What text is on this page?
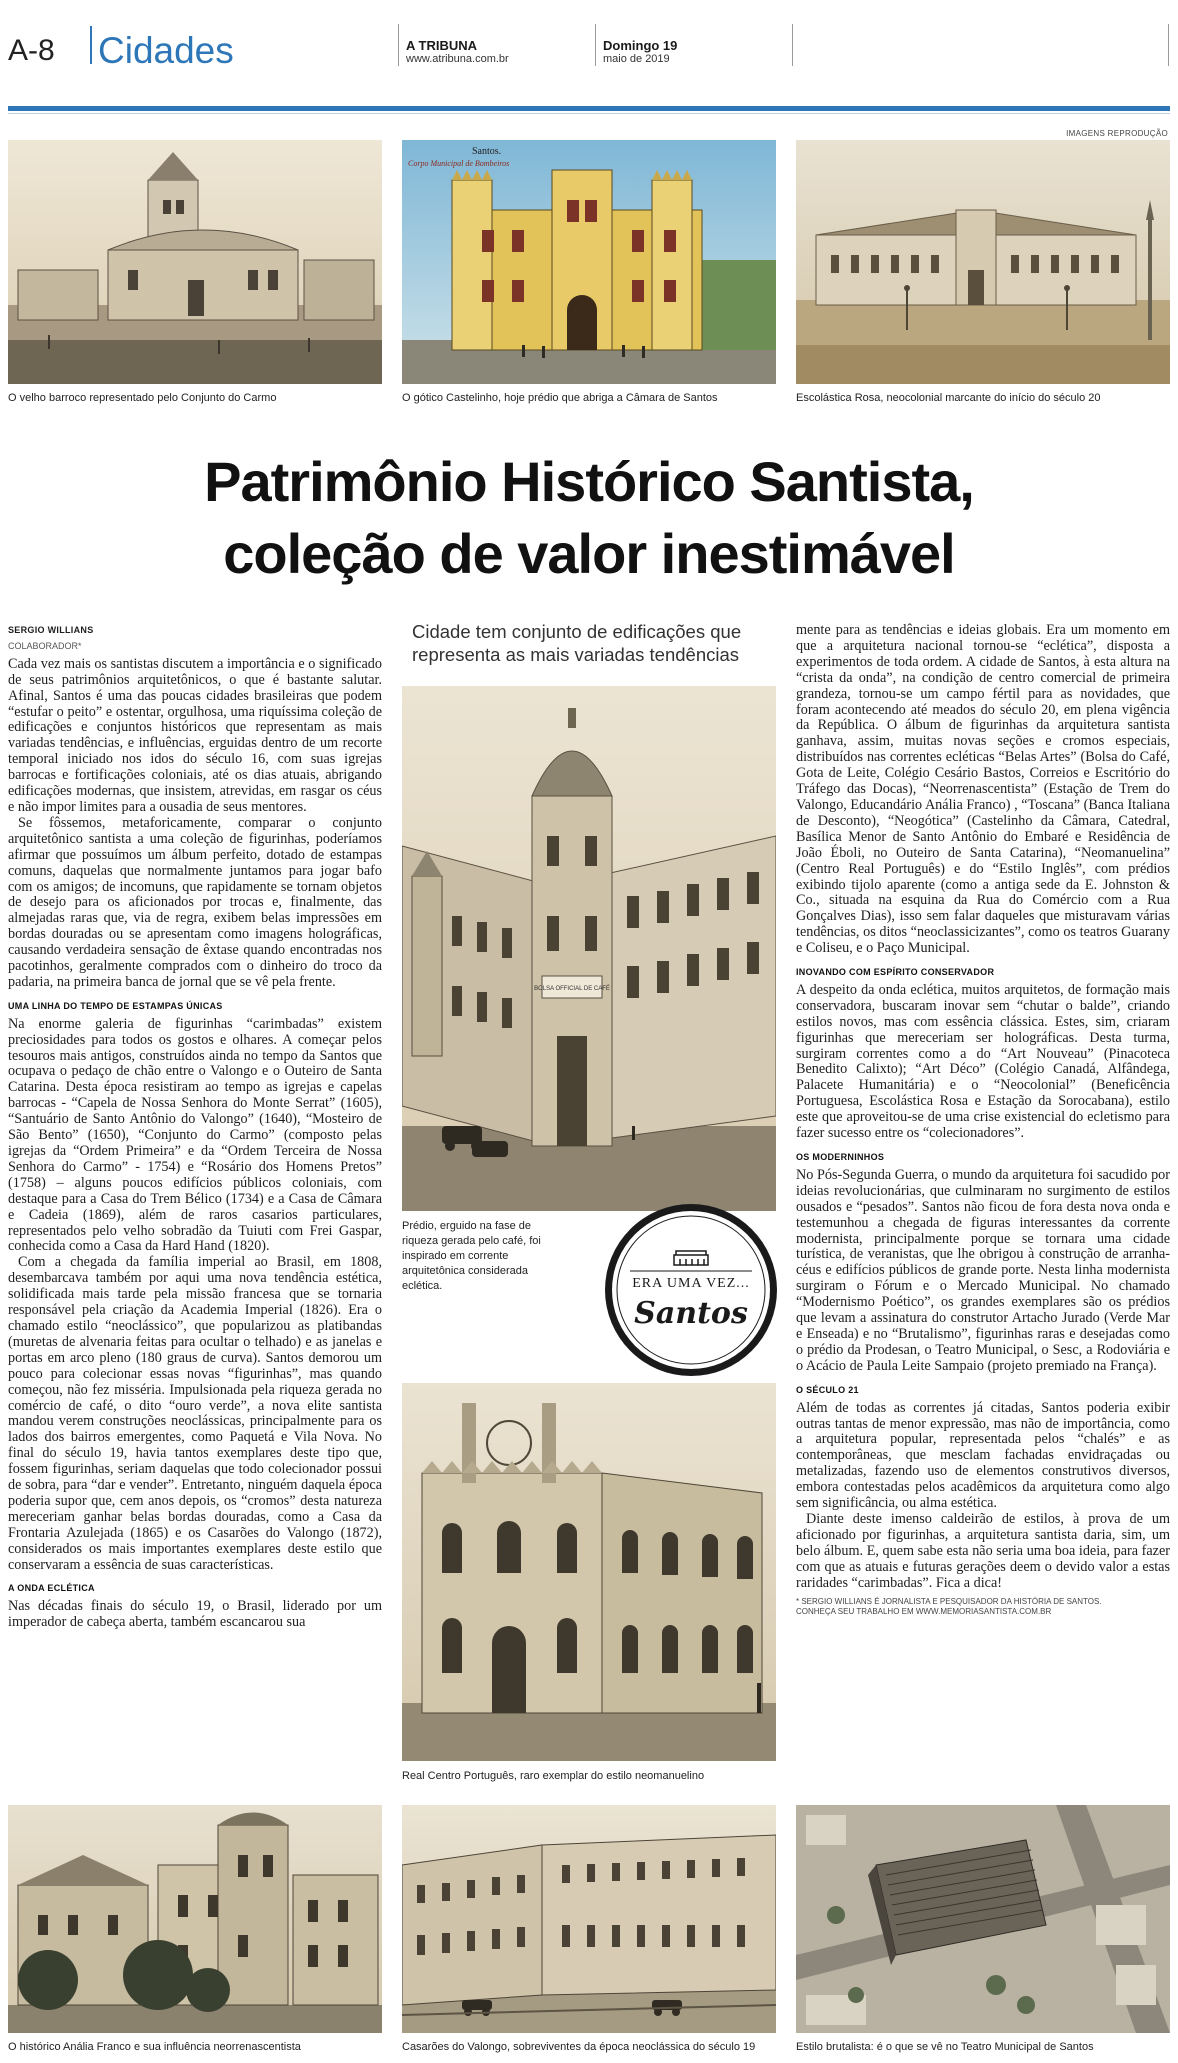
A-8 Cidades	A TRIBUNA
www.atribuna.com.br
Domingo 19
maio de 2019
IMAGENS REPRODUÇÃO
O velho barroco representado pelo Conjunto do Carmo
Santos.
Corpo Municipal de Bombeiros
O gótico Castelinho, hoje prédio que abriga a Câmara de Santos	Escolástica Rosa, neocolonial marcante do início do século 20
Patrimônio Histórico Santista,
coleção de valor inestimável
SERGIO WILLIANS
COLABORADOR*

Cada vez mais os santistas discutem a importância e o significado de seus patrimônios arquitetônicos, o que é bastante salutar. Afinal, Santos é uma das poucas cidades brasileiras que podem “estufar o peito” e ostentar, orgulhosa, uma riquíssima coleção de edificações e conjuntos históricos que representam as mais variadas tendências, e influências, erguidas dentro de um recorte temporal iniciado nos idos do século 16, com suas igrejas barrocas e fortificações coloniais, até os dias atuais, abrigando edificações modernas, que insistem, atrevidas, em rasgar os céus e não impor limites para a ousadia de seus mentores.

Se fôssemos, metaforicamente, comparar o conjunto arquitetônico santista a uma coleção de figurinhas, poderíamos afirmar que possuímos um álbum perfeito, dotado de estampas comuns, daquelas que normalmente juntamos para jogar bafo com os amigos; de incomuns, que rapidamente se tornam objetos de desejo para os aficionados por trocas e, finalmente, das almejadas raras que, via de regra, exibem belas impressões em bordas douradas ou se apresentam como imagens holográficas, causando verdadeira sensação de êxtase quando encontradas nos pacotinhos, geralmente comprados com o dinheiro do troco da padaria, na primeira banca de jornal que se vê pela frente.

UMA LINHA DO TEMPO DE ESTAMPAS ÚNICAS

Na enorme galeria de figurinhas “carimbadas” existem preciosidades para todos os gostos e olhares. A começar pelos tesouros mais antigos, construídos ainda no tempo da Santos que ocupava o pedaço de chão entre o Valongo e o Outeiro de Santa Catarina. Desta época resistiram ao tempo as igrejas e capelas barrocas - “Capela de Nossa Senhora do Monte Serrat” (1605), “Santuário de Santo Antônio do Valongo” (1640), “Mosteiro de São Bento” (1650), “Conjunto do Carmo” (composto pelas igrejas da “Ordem Primeira” e da “Ordem Terceira de Nossa Senhora do Carmo” - 1754) e “Rosário dos Homens Pretos” (1758) – alguns poucos edifícios públicos coloniais, com destaque para a Casa do Trem Bélico (1734) e a Casa de Câmara e Cadeia (1869), além de raros casarios particulares, representados pelo velho sobradão da Tuiuti com Frei Gaspar, conhecida como a Casa da Hard Hand (1820).

Com a chegada da família imperial ao Brasil, em 1808, desembarcava também por aqui uma nova tendência estética, solidificada mais tarde pela missão francesa que se tornaria responsável pela criação da Academia Imperial (1826). Era o chamado estilo “neoclássico”, que popularizou as platibandas (muretas de alvenaria feitas para ocultar o telhado) e as janelas e portas em arco pleno (180 graus de curva). Santos demorou um pouco para colecionar essas novas “figurinhas”, mas quando começou, não fez misséria. Impulsionada pela riqueza gerada no comércio de café, o dito “ouro verde”, a nova elite santista mandou verem construções neoclássicas, principalmente para os lados dos bairros emergentes, como Paquetá e Vila Nova. No final do século 19, havia tantos exemplares deste tipo que, fossem figurinhas, seriam daquelas que todo colecionador possui de sobra, para “dar e vender”. Entretanto, ninguém daquela época poderia supor que, cem anos depois, os “cromos” desta natureza mereceriam ganhar belas bordas douradas, como a Casa da Frontaria Azulejada (1865) e os Casarões do Valongo (1872), considerados os mais importantes exemplares deste estilo que conservaram a essência de suas características.

A ONDA ECLÉTICA

Nas décadas finais do século 19, o Brasil, liderado por um imperador de cabeça aberta, também escancarou sua

Cidade tem conjunto de edificações que representa as mais variadas tendências
BOLSA OFFICIAL DE CAFÉ
Prédio, erguido na fase de riqueza gerada pelo café, foi inspirado em corrente arquitetônica considerada eclética.	ERA UMA VEZ...
Santos
Real Centro Português, raro exemplar do estilo neomanuelino

mente para as tendências e ideias globais. Era um momento em que a arquitetura nacional tornou-se “eclética”, disposta a experimentos de toda ordem. A cidade de Santos, à esta altura na “crista da onda”, na condição de centro comercial de primeira grandeza, tornou-se um campo fértil para as novidades, que foram acontecendo até meados do século 20, em plena vigência da República. O álbum de figurinhas da arquitetura santista ganhava, assim, muitas novas seções e cromos especiais, distribuídos nas correntes ecléticas “Belas Artes” (Bolsa do Café, Gota de Leite, Colégio Cesário Bastos, Correios e Escritório do Tráfego das Docas), “Neorrenascentista” (Estação de Trem do Valongo, Educandário Anália Franco) , “Toscana” (Banca Italiana de Desconto), “Neogótica” (Castelinho da Câmara, Catedral, Basílica Menor de Santo Antônio do Embaré e Residência de João Éboli, no Outeiro de Santa Catarina), “Neomanuelina” (Centro Real Português) e do “Estilo Inglês”, com prédios exibindo tijolo aparente (como a antiga sede da E. Johnston & Co., situada na esquina da Rua do Comércio com a Rua Gonçalves Dias), isso sem falar daqueles que misturavam várias tendências, os ditos “neoclassicizantes”, como os teatros Guarany e Coliseu, e o Paço Municipal.

INOVANDO COM ESPÍRITO CONSERVADOR

A despeito da onda eclética, muitos arquitetos, de formação mais conservadora, buscaram inovar sem “chutar o balde”, criando estilos novos, mas com essência clássica. Estes, sim, criaram figurinhas que mereceriam ser holográficas. Desta turma, surgiram correntes como a do “Art Nouveau” (Pinacoteca Benedito Calixto); “Art Déco” (Colégio Canadá, Alfândega, Palacete Humanitária) e o “Neocolonial” (Beneficência Portuguesa, Escolástica Rosa e Estação da Sorocabana), estilo este que aproveitou-se de uma crise existencial do ecletismo para fazer sucesso entre os “colecionadores”.

OS MODERNINHOS

No Pós-Segunda Guerra, o mundo da arquitetura foi sacudido por ideias revolucionárias, que culminaram no surgimento de estilos ousados e “pesados”. Santos não ficou de fora desta nova onda e testemunhou a chegada de figuras interessantes da corrente modernista, principalmente porque se tornara uma cidade turística, de veranistas, que lhe obrigou à construção de arranha-céus e edifícios públicos de grande porte. Nesta linha modernista surgiram o Fórum e o Mercado Municipal. No chamado “Modernismo Poético”, os grandes exemplares são os prédios que levam a assinatura do construtor Artacho Jurado (Verde Mar e Enseada) e no “Brutalismo”, figurinhas raras e desejadas como o prédio da Prodesan, o Teatro Municipal, o Sesc, a Rodoviária e o Acácio de Paula Leite Sampaio (projeto premiado na França).

O SÉCULO 21

Além de todas as correntes já citadas, Santos poderia exibir outras tantas de menor expressão, mas não de importância, como a arquitetura popular, representada pelos “chalés” e as contemporâneas, que mesclam fachadas envidraçadas ou metalizadas, fazendo uso de elementos construtivos diversos, embora contestadas pelos acadêmicos da arquitetura como algo sem significância, ou alma estética.

Diante deste imenso caldeirão de estilos, à prova de um aficionado por figurinhas, a arquitetura santista daria, sim, um belo álbum. E, quem sabe esta não seria uma boa ideia, para fazer com que as atuais e futuras gerações deem o devido valor a estas raridades “carimbadas”. Fica a dica!

* SERGIO WILLIANS É JORNALISTA E PESQUISADOR DA HISTÓRIA DE SANTOS.

CONHEÇA SEU TRABALHO EM WWW.MEMORIASANTISTA.COM.BR

O histórico Anália Franco e sua influência neorrenascentista	Casarões do Valongo, sobreviventes da época neoclássica do século 19	Estilo brutalista: é o que se vê no Teatro Municipal de Santos
